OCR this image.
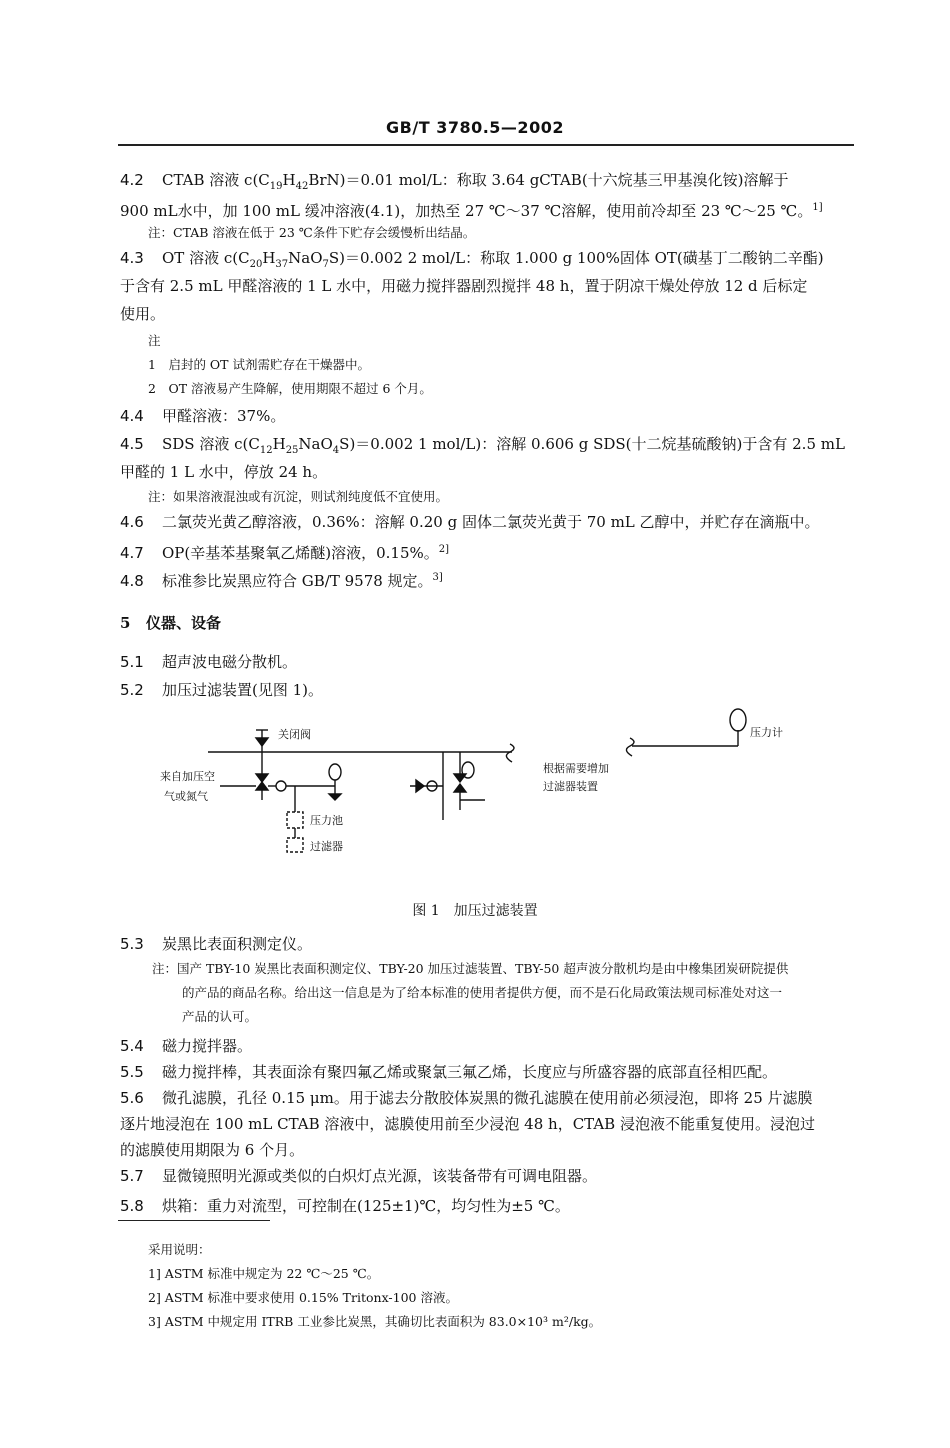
GB/T 3780.5—2002
4.2 CTAB 溶液 $c(C_{19}H_{42}BrN)=0.01$ mol/L：称取 3.64 gCTAB(十六烷基三甲基溴化铵)溶解于
900 mL水中，加 100 mL 缓冲溶液(4.1)，加热至 27 ℃～37 ℃溶解，使用前冷却至 23 ℃～25 ℃。$^{1]}$
注：CTAB 溶液在低于 23 ℃条件下贮存会缓慢析出结晶。
4.3 OT 溶液 $c(C_{20}H_{37}NaO_7S)=0.002$ 2 mol/L：称取 1.000 g 100%固体 OT(磺基丁二酸钠二辛酯)
于含有 2.5 mL 甲醛溶液的 1 L 水中，用磁力搅拌器剧烈搅拌 48 h，置于阴凉干燥处停放 12 d 后标定
使用。
注
1　启封的 OT 试剂需贮存在干燥器中。
2　OT 溶液易产生降解，使用期限不超过 6 个月。
4.4 甲醛溶液：37%。
4.5 SDS 溶液 $c(C_{12}H_{25}NaO_4S)=0.002$ 1 mol/L)：溶解 0.606 g SDS(十二烷基硫酸钠)于含有 2.5 mL
甲醛的 1 L 水中，停放 24 h。
注：如果溶液混浊或有沉淀，则试剂纯度低不宜使用。
4.6 二氯荧光黄乙醇溶液，0.36%：溶解 0.20 g 固体二氯荧光黄于 70 mL 乙醇中，并贮存在滴瓶中。
4.7 OP(辛基苯基聚氧乙烯醚)溶液，0.15%。$^{2]}$
4.8 标准参比炭黑应符合 GB/T 9578 规定。$^{3]}$
5 仪器、设备
5.1 超声波电磁分散机。
5.2 加压过滤装置(见图 1)。
关闭阀
来自加压空
气或氮气
压力池
过滤器
根据需要增加
过滤器装置
压力计
图 1　加压过滤装置
5.3 炭黑比表面积测定仪。
注：国产 TBY-10 炭黑比表面积测定仪、TBY-20 加压过滤装置、TBY-50 超声波分散机均是由中橡集团炭研院提供
的产品的商品名称。给出这一信息是为了给本标准的使用者提供方便，而不是石化局政策法规司标准处对这一
产品的认可。
5.4 磁力搅拌器。
5.5 磁力搅拌棒，其表面涂有聚四氟乙烯或聚氯三氟乙烯，长度应与所盛容器的底部直径相匹配。
5.6 微孔滤膜，孔径 0.15 μm。用于滤去分散胶体炭黑的微孔滤膜在使用前必须浸泡，即将 25 片滤膜
逐片地浸泡在 100 mL CTAB 溶液中，滤膜使用前至少浸泡 48 h，CTAB 浸泡液不能重复使用。浸泡过
的滤膜使用期限为 6 个月。
5.7 显微镜照明光源或类似的白炽灯点光源，该装备带有可调电阻器。
5.8 烘箱：重力对流型，可控制在(125±1)℃，均匀性为±5 ℃。
采用说明：
1] ASTM 标准中规定为 22 ℃～25 ℃。
2] ASTM 标准中要求使用 0.15% Tritonx-100 溶液。
3] ASTM 中规定用 ITRB 工业参比炭黑，其确切比表面积为 83.0×10³ m²/kg。
